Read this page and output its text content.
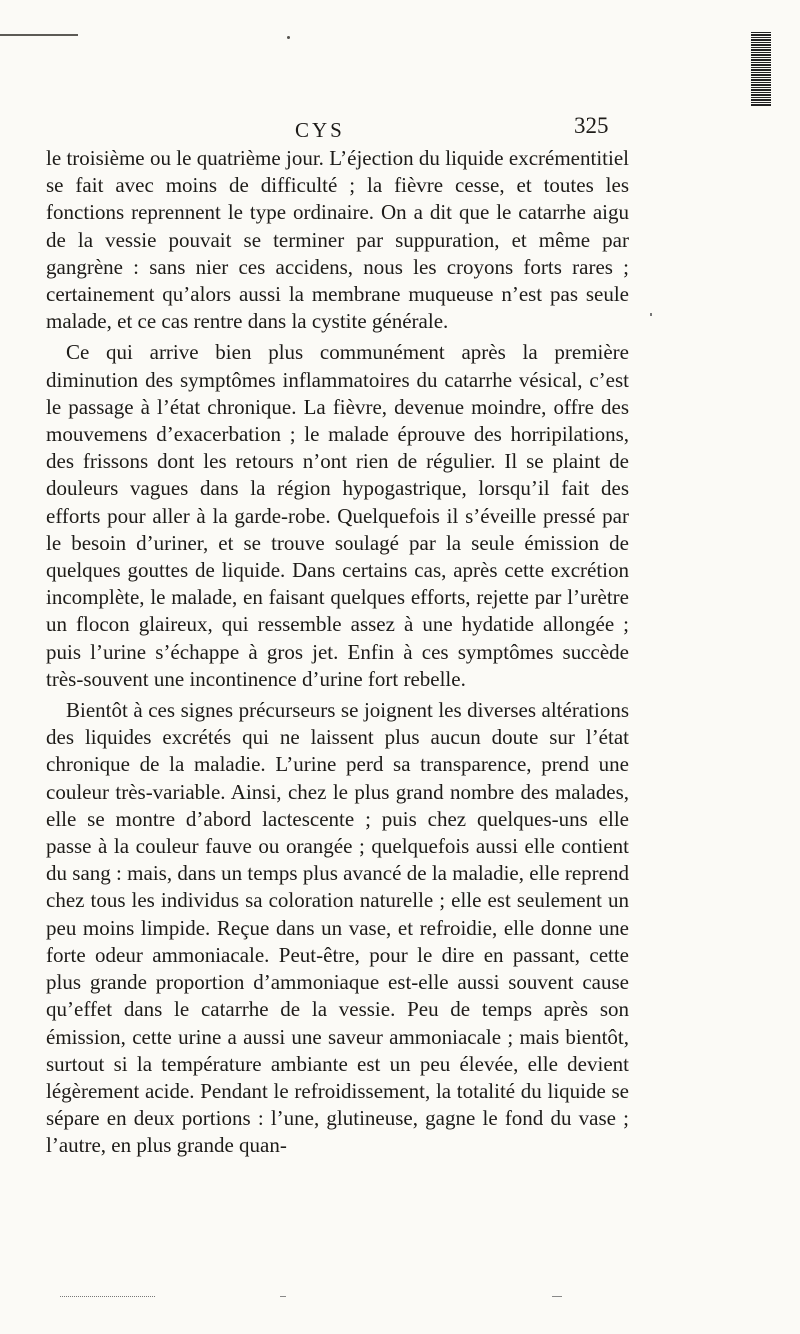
CYS	325

le troisième ou le quatrième jour. L’éjection du liquide excrémentitiel se fait avec moins de difficulté ; la fièvre cesse, et toutes les fonctions reprennent le type ordinaire. On a dit que le catarrhe aigu de la vessie pouvait se terminer par suppuration, et même par gangrène : sans nier ces accidens, nous les croyons forts rares ; certainement qu’alors aussi la membrane muqueuse n’est pas seule malade, et ce cas rentre dans la cystite générale.

Ce qui arrive bien plus communément après la première diminution des symptômes inflammatoires du catarrhe vésical, c’est le passage à l’état chronique. La fièvre, devenue moindre, offre des mouvemens d’exacerbation ; le malade éprouve des horripilations, des frissons dont les retours n’ont rien de régulier. Il se plaint de douleurs vagues dans la région hypogastrique, lorsqu’il fait des efforts pour aller à la garde-robe. Quelquefois il s’éveille pressé par le besoin d’uriner, et se trouve soulagé par la seule émission de quelques gouttes de liquide. Dans certains cas, après cette excrétion incomplète, le malade, en faisant quelques efforts, rejette par l’urètre un flocon glaireux, qui ressemble assez à une hydatide allongée ; puis l’urine s’échappe à gros jet. Enfin à ces symptômes succède très-souvent une incontinence d’urine fort rebelle.

Bientôt à ces signes précurseurs se joignent les diverses altérations des liquides excrétés qui ne laissent plus aucun doute sur l’état chronique de la maladie. L’urine perd sa transparence, prend une couleur très-variable. Ainsi, chez le plus grand nombre des malades, elle se montre d’abord lactescente ; puis chez quelques-uns elle passe à la couleur fauve ou orangée ; quelquefois aussi elle contient du sang : mais, dans un temps plus avancé de la maladie, elle reprend chez tous les individus sa coloration naturelle ; elle est seulement un peu moins limpide. Reçue dans un vase, et refroidie, elle donne une forte odeur ammoniacale. Peut-être, pour le dire en passant, cette plus grande proportion d’ammoniaque est-elle aussi souvent cause qu’effet dans le catarrhe de la vessie. Peu de temps après son émission, cette urine a aussi une saveur ammoniacale ; mais bientôt, surtout si la température ambiante est un peu élevée, elle devient légèrement acide. Pendant le refroidissement, la totalité du liquide se sépare en deux portions : l’une, glutineuse, gagne le fond du vase ; l’autre, en plus grande quan-
